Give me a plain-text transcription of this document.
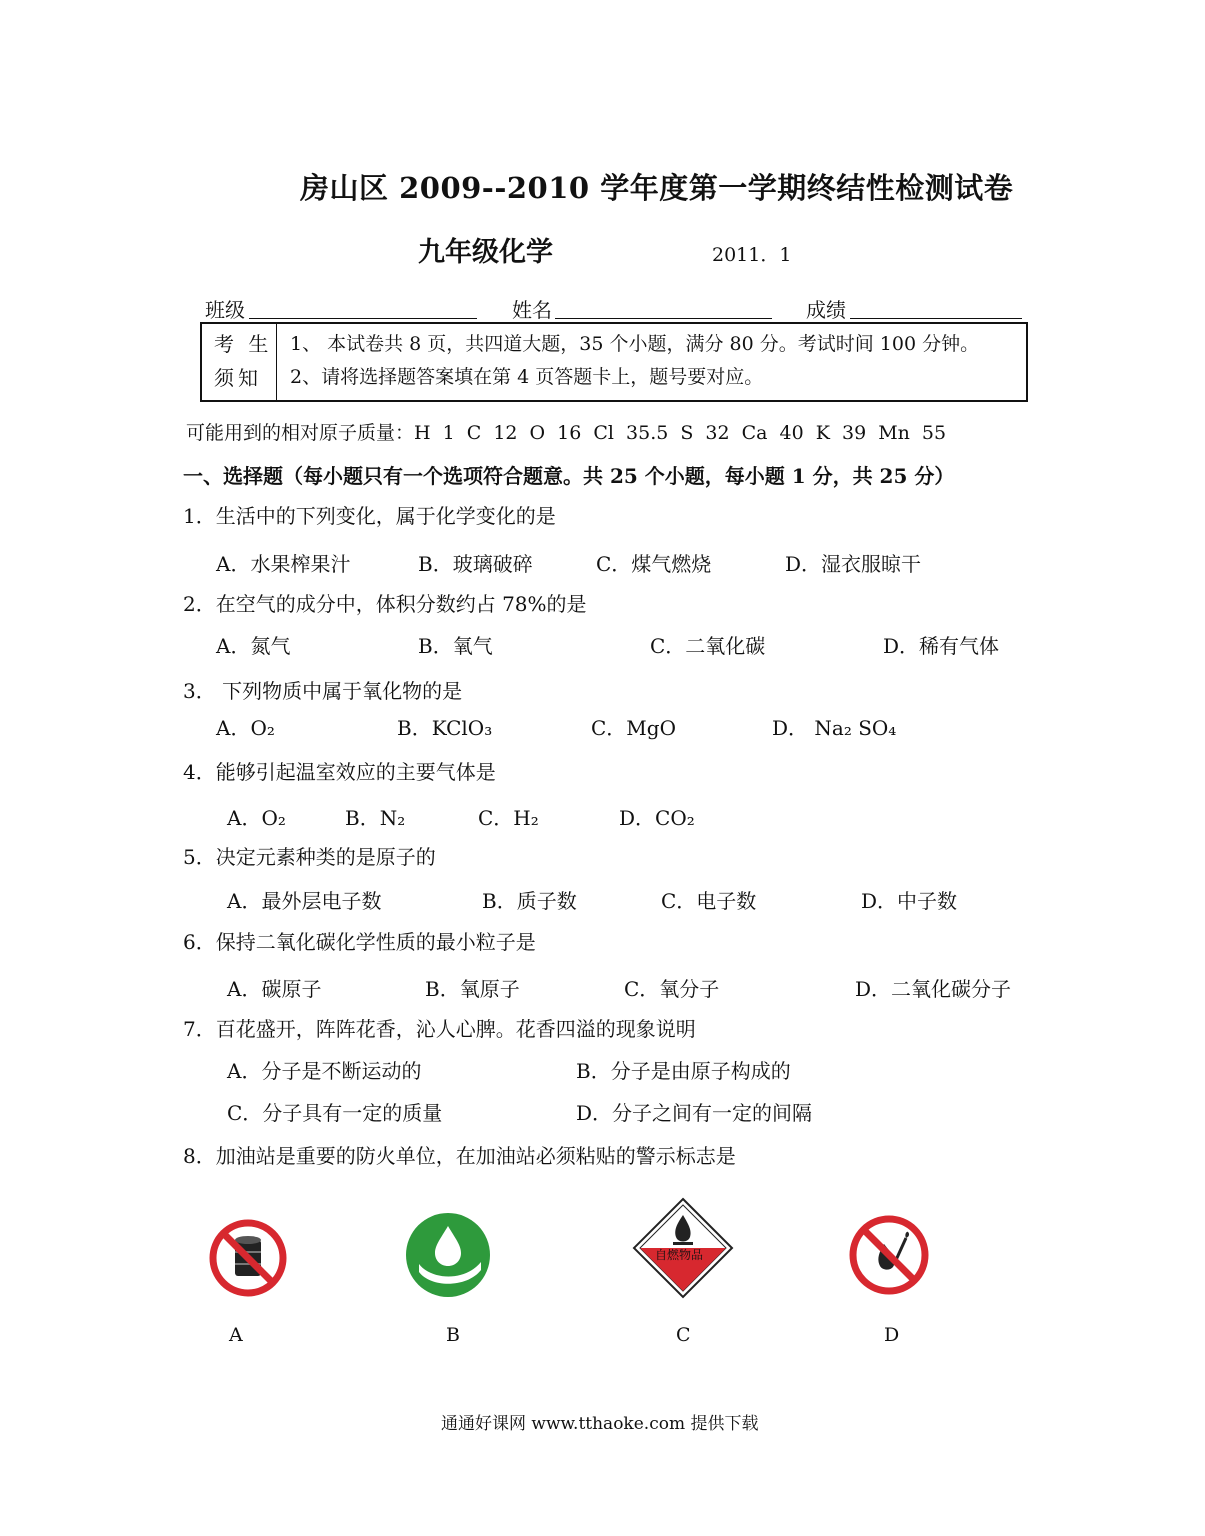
房山区 2009--2010 学年度第一学期终结性检测试卷
九年级化学	2011．1
班级	姓名	成绩
考 生
须知
1、 本试卷共 8 页，共四道大题，35 个小题，满分 80 分。考试时间 100 分钟。
2、请将选择题答案填在第 4 页答题卡上，题号要对应。
可能用到的相对原子质量：H 1 C 12 O 16 Cl 35.5 S 32 Ca 40 K 39 Mn 55
一、选择题（每小题只有一个选项符合题意。共 25 个小题，每小题 1 分，共 25 分）
1．生活中的下列变化，属于化学变化的是
A．水果榨果汁	B．玻璃破碎	C．煤气燃烧	D．湿衣服晾干
2．在空气的成分中，体积分数约占 78%的是
A．氮气	B．氧气	C．二氧化碳	D．稀有气体
3． 下列物质中属于氧化物的是
A．O₂	B．KClO₃	C．MgO	D． Na₂ SO₄
4．能够引起温室效应的主要气体是
A．O₂	B．N₂	C．H₂	D．CO₂
5．决定元素种类的是原子的
A．最外层电子数	B．质子数	C．电子数	D．中子数
6．保持二氧化碳化学性质的最小粒子是
A．碳原子	B．氧原子	C．氧分子	D．二氧化碳分子
7．百花盛开，阵阵花香，沁人心脾。花香四溢的现象说明
A．分子是不断运动的	B．分子是由原子构成的
C．分子具有一定的质量	D．分子之间有一定的间隔
8．加油站是重要的防火单位，在加油站必须粘贴的警示标志是
自燃物品
A	B	C	D
通通好课网 www.tthaoke.com 提供下载
